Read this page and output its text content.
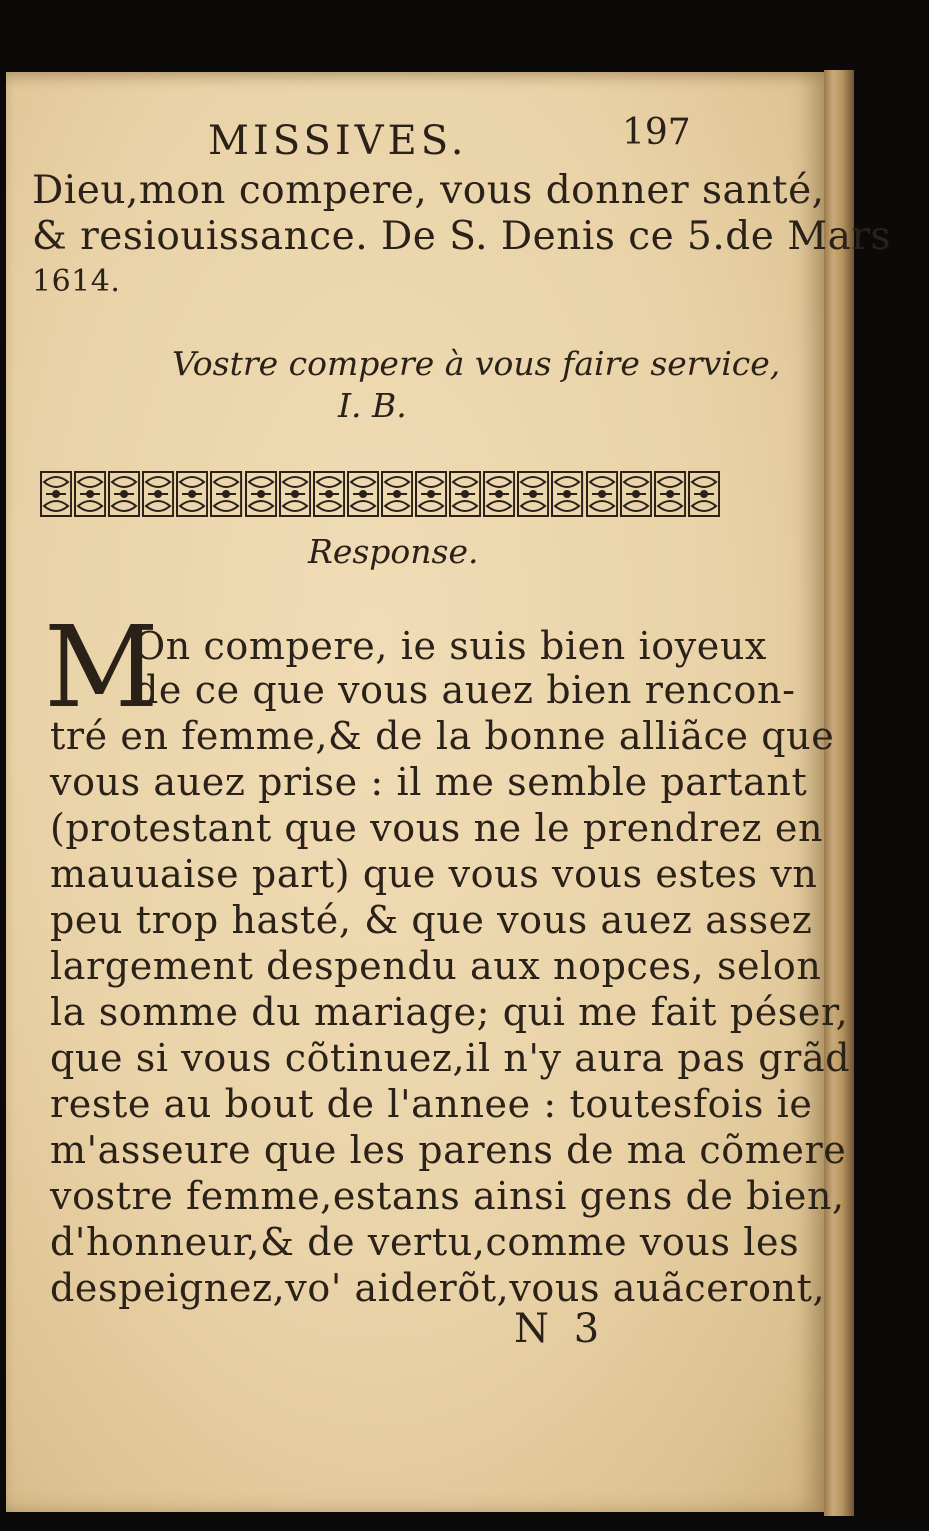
MISSIVES.	197
Dieu,mon compere, vous donner santé,
& resiouissance. De S. Denis ce 5.de Mars
1614.
Vostre compere à vous faire service,
I. B.
Response.
M
On compere, ie suis bien ioyeux
de ce que vous auez bien rencon-
tré en femme,& de la bonne alliãce que
vous auez prise : il me semble partant
(protestant que vous ne le prendrez en
mauuaise part) que vous vous estes vn
peu trop hasté, & que vous auez assez
largement despendu aux nopces, selon
la somme du mariage; qui me fait péser,
que si vous cõtinuez,il n'y aura pas grãd
reste au bout de l'annee : toutesfois ie
m'asseure que les parens de ma cõmere
vostre femme,estans ainsi gens de bien,
d'honneur,& de vertu,comme vous les
despeignez,vo' aiderõt,vous auãceront,
N 3
